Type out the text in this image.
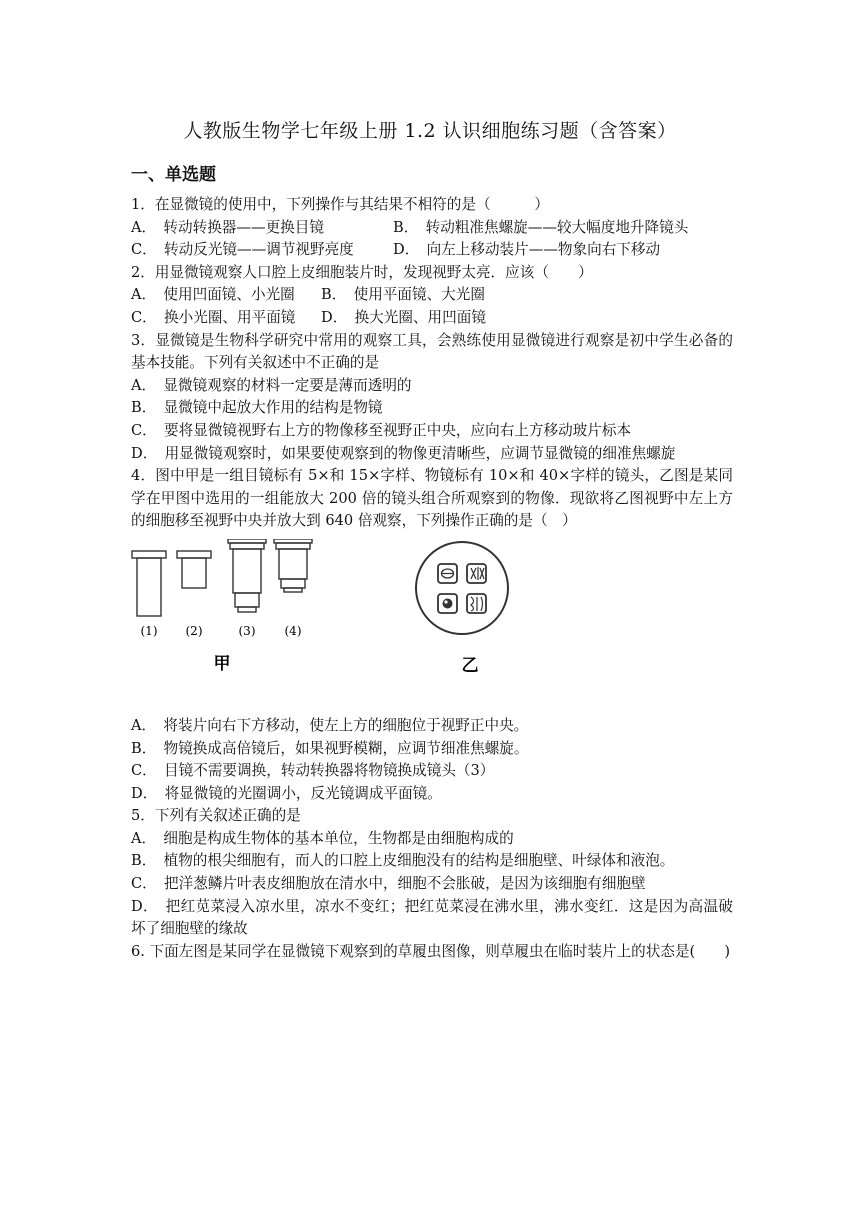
人教版生物学七年级上册 1.2 认识细胞练习题（含答案）
一、单选题
1．在显微镜的使用中，下列操作与其结果不相符的是（　　　）
A．　转动转换器——更换目镜	B．　转动粗准焦螺旋——较大幅度地升降镜头
C．　转动反光镜——调节视野亮度	D．　向左上移动装片——物象向右下移动
2．用显微镜观察人口腔上皮细胞装片时，发现视野太亮．应该（　　）
A．　使用凹面镜、小光圈	B．　使用平面镜、大光圈
C．　换小光圈、用平面镜	D．　换大光圈、用凹面镜
3．显微镜是生物科学研究中常用的观察工具，会熟练使用显微镜进行观察是初中学生必备的基本技能。下列有关叙述中不正确的是
A．　显微镜观察的材料一定要是薄而透明的
B．　显微镜中起放大作用的结构是物镜
C．　要将显微镜视野右上方的物像移至视野正中央，应向右上方移动玻片标本
D．　用显微镜观察时，如果要使观察到的物像更清晰些，应调节显微镜的细准焦螺旋
4．图中甲是一组目镜标有 5×和 15×字样、物镜标有 10×和 40×字样的镜头，乙图是某同学在甲图中选用的一组能放大 200 倍的镜头组合所观察到的物像．现欲将乙图视野中左上方的细胞移至视野中央并放大到 640 倍观察，下列操作正确的是（　）
(1) (2)	(3) (4)
甲	乙
A．　将装片向右下方移动，使左上方的细胞位于视野正中央。
B．　物镜换成高倍镜后，如果视野模糊，应调节细准焦螺旋。
C．　目镜不需要调换，转动转换器将物镜换成镜头（3）
D．　将显微镜的光圈调小，反光镜调成平面镜。
5．下列有关叙述正确的是
A．　细胞是构成生物体的基本单位，生物都是由细胞构成的
B．　植物的根尖细胞有，而人的口腔上皮细胞没有的结构是细胞壁、叶绿体和液泡。
C．　把洋葱鳞片叶表皮细胞放在清水中，细胞不会胀破，是因为该细胞有细胞壁
D．　把红苋菜浸入凉水里，凉水不变红；把红苋菜浸在沸水里，沸水变红．这是因为高温破坏了细胞壁的缘故
6. 下面左图是某同学在显微镜下观察到的草履虫图像，则草履虫在临时装片上的状态是(　　)
